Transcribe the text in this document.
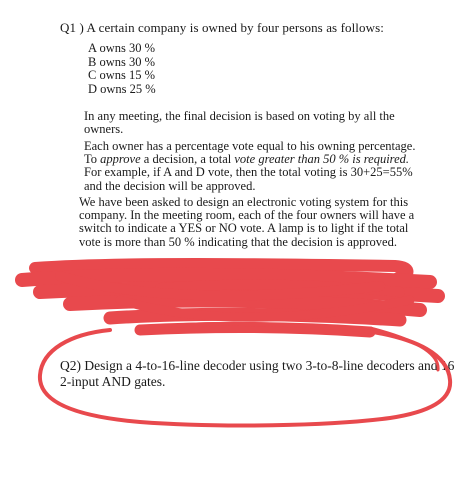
Q1 ) A certain company is owned by four persons as follows:
A owns 30 %
B owns 30 %
C owns 15 %
D owns 25 %
In any meeting, the final decision is based on voting by all the
owners.
Each owner has a percentage vote equal to his owning percentage.
To approve a decision, a total vote greater than 50 % is required.
For example, if A and D vote, then the total voting is 30+25=55%
and the decision will be approved.
We have been asked to design an electronic voting system for this
company. In the meeting room, each of the four owners will have a
switch to indicate a YES or NO vote. A lamp is to light if the total
vote is more than 50 % indicating that the decision is approved.
Q2) Design a 4-to-16-line decoder using two 3-to-8-line decoders and 16
2-input AND gates.
